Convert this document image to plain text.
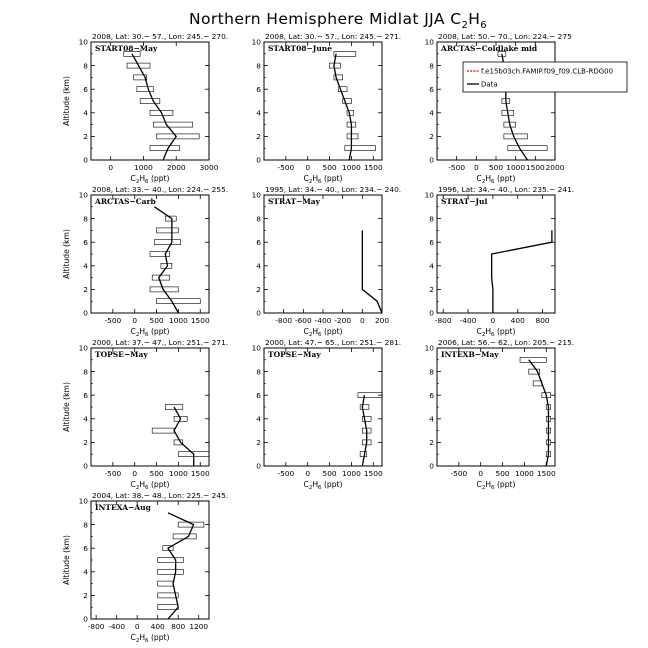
Northern Hemisphere Midlat JJA $C_2H_6$
2008, Lat: 30.− 57., Lon: 245.− 270.
START08−May
0
2
4
6
8
10
0	1000 2000 3000
$C_2H_6$ (ppt)
Altitude (km)
2008, Lat: 30.− 57., Lon: 245.− 271.
START08−June
0
2
4
6
8
10
-500 0 500 1000 1500
$C_2H_6$ (ppt)
2008, Lat: 50.− 70., Lon: 224.− 275
ARCTAS−Coldlake mid
0
2
4
6
8
10
-500 0 500 1000 1500 2000
$C_2H_6$ (ppt)
f.e15b03ch.FAMIP.f09_f09.CLB-RDG00
Data
2008, Lat: 33.− 40., Lon: 224.− 255.
ARCTAS−Carb
0
2
4
6
8
10
-500 0 500 1000 1500
$C_2H_6$ (ppt)
Altitude (km)
1995, Lat: 34.− 40., Lon: 234.− 240.
STRAT−May
0
2
4
6
8
10
-800 -600 -400 -200 0 200
$C_2H_6$ (ppt)
1996, Lat: 34.− 40., Lon: 235.− 241.
STRAT−Jul
0
2
4
6
8
10
-800 -400 0 400 800
$C_2H_6$ (ppt)
2000, Lat: 37.− 47., Lon: 251.− 271.
TOPSE−May
0
2
4
6
8
10
-500 0 500 1000 1500
$C_2H_6$ (ppt)
Altitude (km)
2000, Lat: 47.− 65., Lon: 251.− 281.
TOPSE−May
0
2
4
6
8
10
-500 0 500 1000 1500
$C_2H_6$ (ppt)
2006, Lat: 56.− 62., Lon: 205.− 215.
INTEXB−May
0
2
4
6
8
10
-500 0 500 1000 1500
$C_2H_6$ (ppt)
2004, Lat: 38.− 48., Lon: 225.− 245.
INTEXA−Aug
0
2
4
6
8
10
-800 -400 0 400 800 1200
$C_2H_6$ (ppt)
Altitude (km)
